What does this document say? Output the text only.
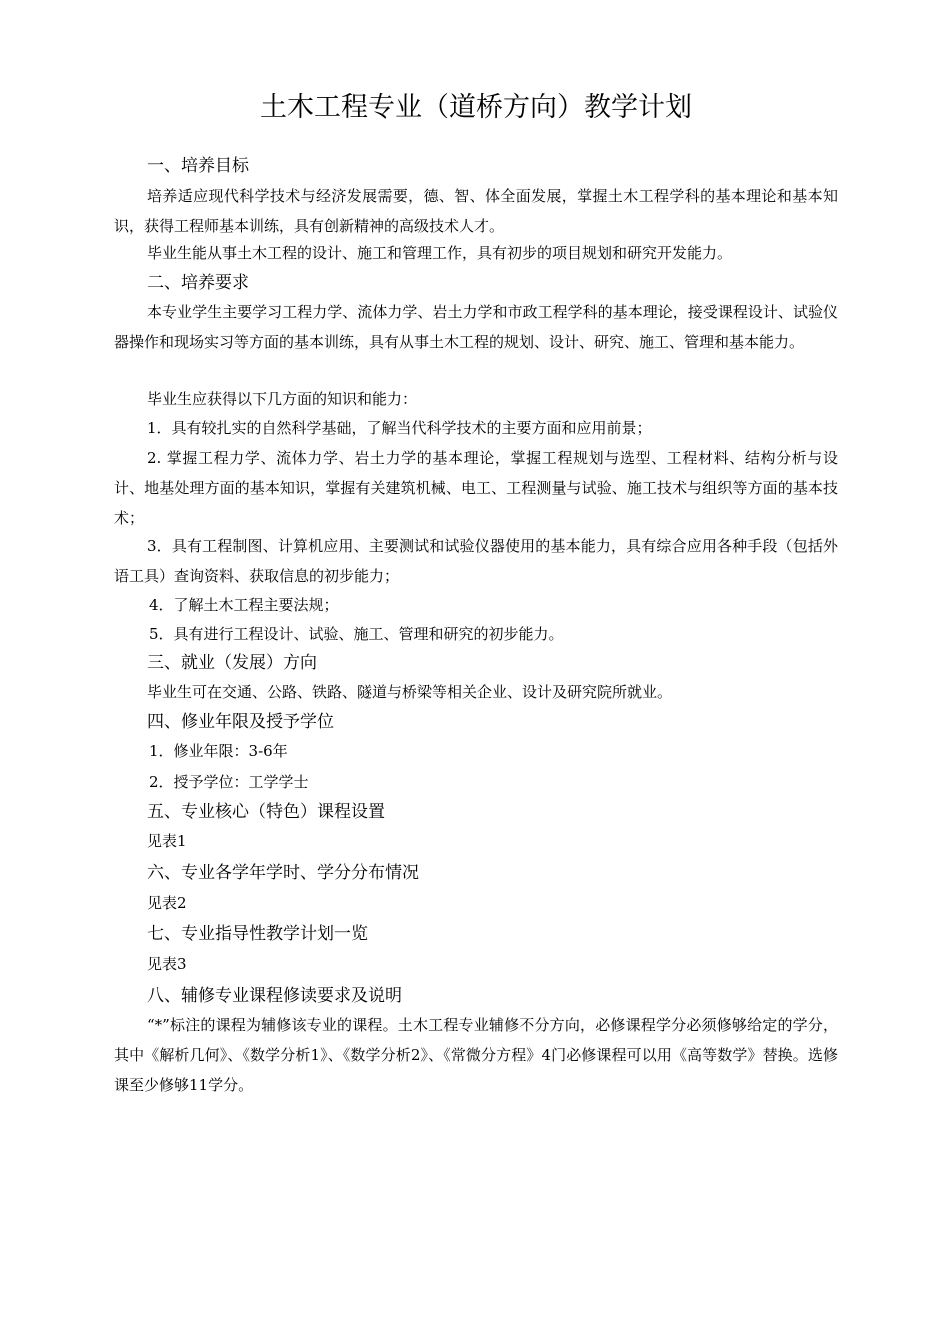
土木工程专业（道桥方向）教学计划
一、培养目标
培养适应现代科学技术与经济发展需要，德、智、体全面发展，掌握土木工程学科的基本理论和基本知识，获得工程师基本训练，具有创新精神的高级技术人才。
毕业生能从事土木工程的设计、施工和管理工作，具有初步的项目规划和研究开发能力。
二、培养要求
本专业学生主要学习工程力学、流体力学、岩土力学和市政工程学科的基本理论，接受课程设计、试验仪器操作和现场实习等方面的基本训练，具有从事土木工程的规划、设计、研究、施工、管理和基本能力。
毕业生应获得以下几方面的知识和能力：
1．具有较扎实的自然科学基础，了解当代科学技术的主要方面和应用前景；
2. 掌握工程力学、流体力学、岩土力学的基本理论，掌握工程规划与选型、工程材料、结构分析与设计、地基处理方面的基本知识，掌握有关建筑机械、电工、工程测量与试验、施工技术与组织等方面的基本技术；
3．具有工程制图、计算机应用、主要测试和试验仪器使用的基本能力，具有综合应用各种手段（包括外语工具）查询资料、获取信息的初步能力；
4．了解土木工程主要法规；
5．具有进行工程设计、试验、施工、管理和研究的初步能力。
三、就业（发展）方向
毕业生可在交通、公路、铁路、隧道与桥梁等相关企业、设计及研究院所就业。
四、修业年限及授予学位
1．修业年限：3-6年
2．授予学位：工学学士
五、专业核心（特色）课程设置
见表1
六、专业各学年学时、学分分布情况
见表2
七、专业指导性教学计划一览
见表3
八、辅修专业课程修读要求及说明
“*”标注的课程为辅修该专业的课程。土木工程专业辅修不分方向，必修课程学分必须修够给定的学分，其中《解析几何》、《数学分析1》、《数学分析2》、《常微分方程》4门必修课程可以用《高等数学》替换。选修课至少修够11学分。
